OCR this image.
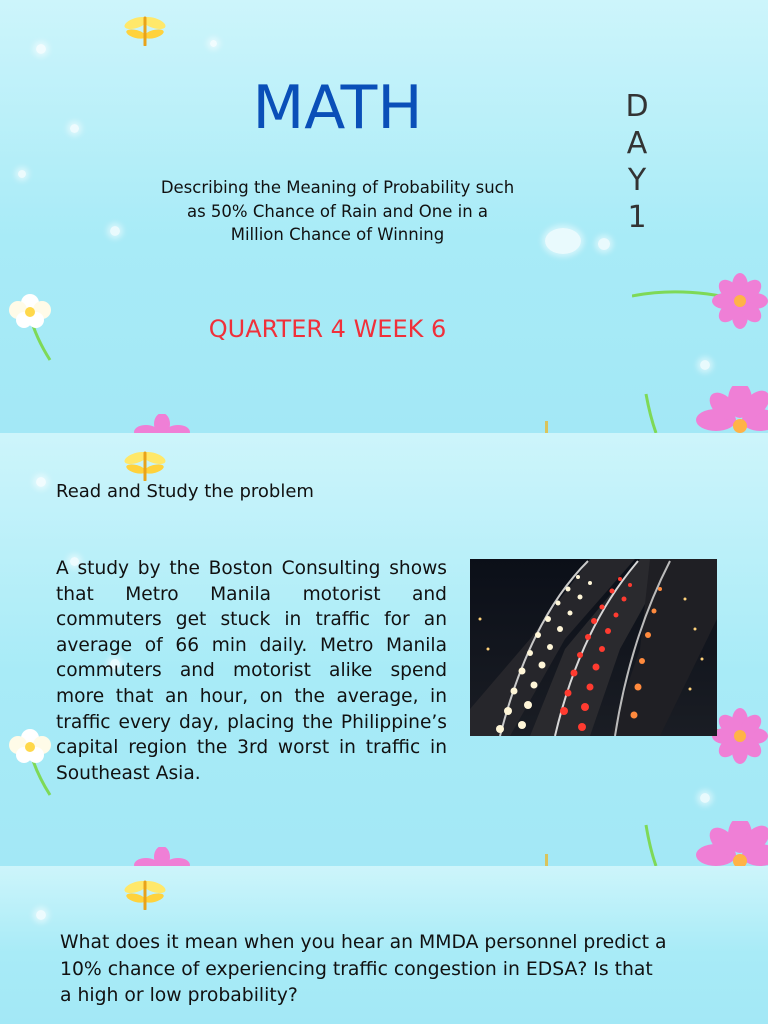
MATH
Describing the Meaning of Probability such as 50% Chance of Rain and One in a Million Chance of Winning
QUARTER 4 WEEK 6
D
A
Y
1
Read and Study the problem
A study by the Boston Consulting shows that Metro Manila motorist and commuters get stuck in traffic for an average of 66 min daily. Metro Manila commuters and motorist alike spend more that an hour, on the average, in traffic every day, placing the Philippine’s capital region the 3rd worst in traffic in Southeast Asia.
What does it mean when you hear an MMDA personnel predict a 10% chance of experiencing traffic congestion in EDSA? Is that a high or low probability?
